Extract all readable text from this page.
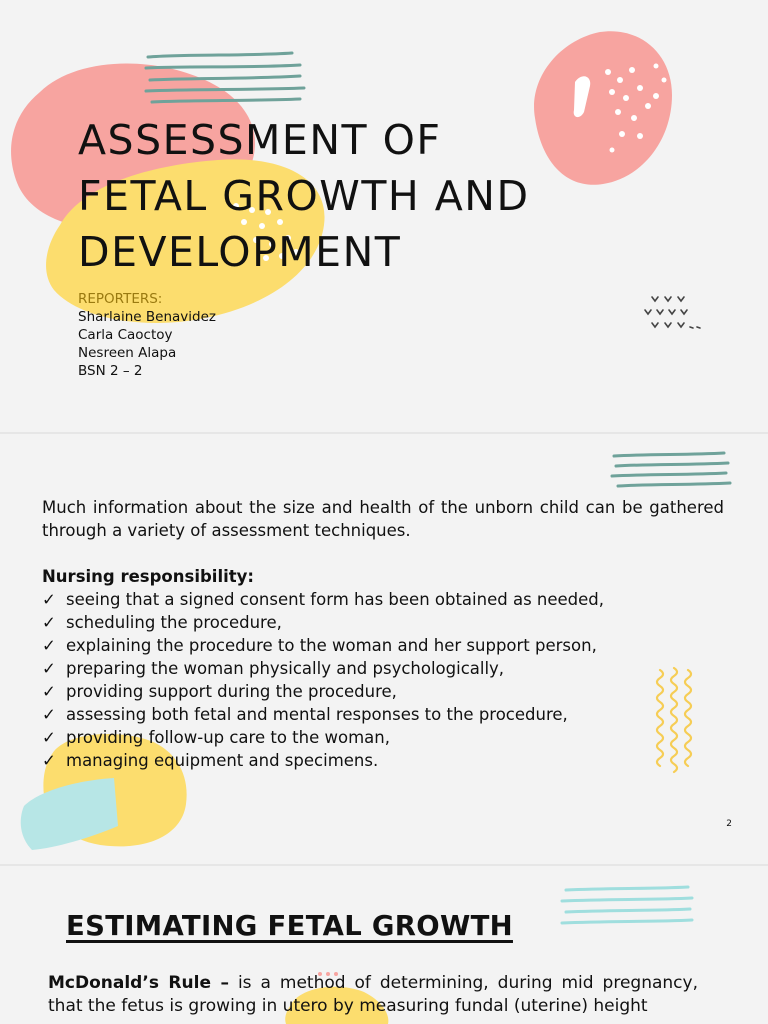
ASSESSMENT OF
FETAL GROWTH AND
DEVELOPMENT
REPORTERS:
Sharlaine Benavidez
Carla Caoctoy
Nesreen Alapa
BSN 2 – 2

Much information about the size and health of the unborn child can be gathered through a variety of assessment techniques.

Nursing responsibility:

✓ seeing that a signed consent form has been obtained as needed,
✓ scheduling the procedure,
✓ explaining the procedure to the woman and her support person,
✓ preparing the woman physically and psychologically,
✓ providing support during the procedure,
✓ assessing both fetal and mental responses to the procedure,
✓ providing follow-up care to the woman,
✓ managing equipment and specimens.
2
ESTIMATING FETAL GROWTH

McDonald’s Rule – is a method of determining, during mid pregnancy, that the fetus is growing in utero by measuring fundal (uterine) height
